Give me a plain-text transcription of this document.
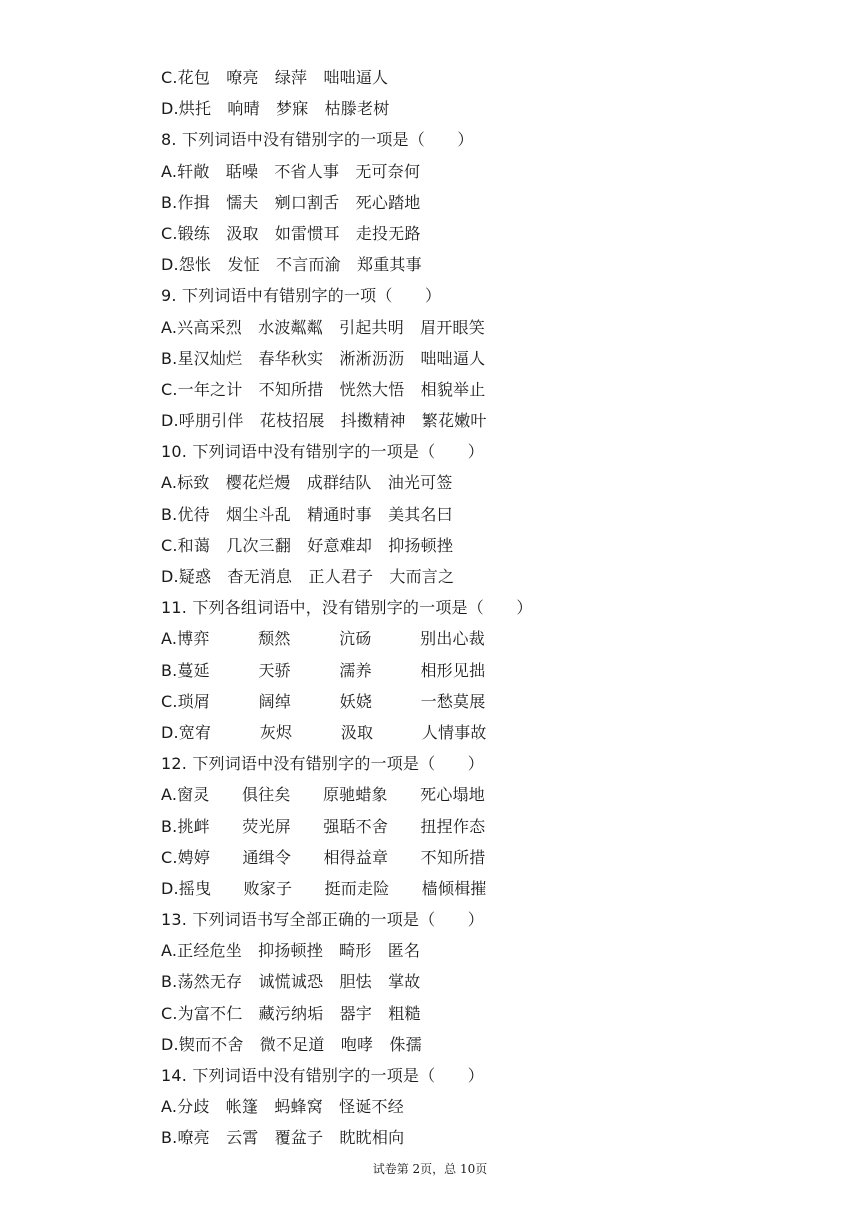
C.花包　嘹亮　绿萍　咄咄逼人
D.烘托　响晴　梦寐　枯滕老树
8. 下列词语中没有错别字的一项是（　　）
A.轩敞　聒噪　不省人事　无可奈何
B.作揖　懦夫　剜口割舌　死心踏地
C.锻练　汲取　如雷惯耳　走投无路
D.怨怅　发怔　不言而渝　郑重其事
9. 下列词语中有错别字的一项（　　）
A.兴高采烈　水波粼粼　引起共明　眉开眼笑
B.星汉灿烂　春华秋实　淅淅沥沥　咄咄逼人
C.一年之计　不知所措　恍然大悟　相貌举止
D.呼朋引伴　花枝招展　抖擞精神　繁花嫩叶
10. 下列词语中没有错别字的一项是（　　）
A.标致　樱花烂熳　成群结队　油光可签
B.优待　烟尘斗乱　精通时事　美其名曰
C.和蔼　几次三翻　好意难却　抑扬顿挫
D.疑惑　杳无消息　正人君子　大而言之
11. 下列各组词语中，没有错别字的一项是（　　）
A.博弈　　　颓然　　　沆砀　　　别出心裁
B.蔓延　　　天骄　　　濡养　　　相形见拙
C.琐屑　　　阔绰　　　妖娆　　　一愁莫展
D.宽宥　　　灰烬　　　汲取　　　人情事故
12. 下列词语中没有错别字的一项是（　　）
A.窗灵　　俱往矣　　原驰蜡象　　死心塌地
B.挑衅　　荧光屏　　强聒不舍　　扭捏作态
C.娉婷　　通缉令　　相得益章　　不知所措
D.摇曳　　败家子　　挺而走险　　樯倾楫摧
13. 下列词语书写全部正确的一项是（　　）
A.正经危坐　抑扬顿挫　畸形　匿名
B.荡然无存　诚慌诚恐　胆怯　掌故
C.为富不仁　藏污纳垢　器宇　粗糙
D.锲而不舍　微不足道　咆哮　侏孺
14. 下列词语中没有错别字的一项是（　　）
A.分歧　帐篷　蚂蜂窝　怪诞不经
B.嘹亮　云霄　覆盆子　眈眈相向
试卷第 2页，总 10页
